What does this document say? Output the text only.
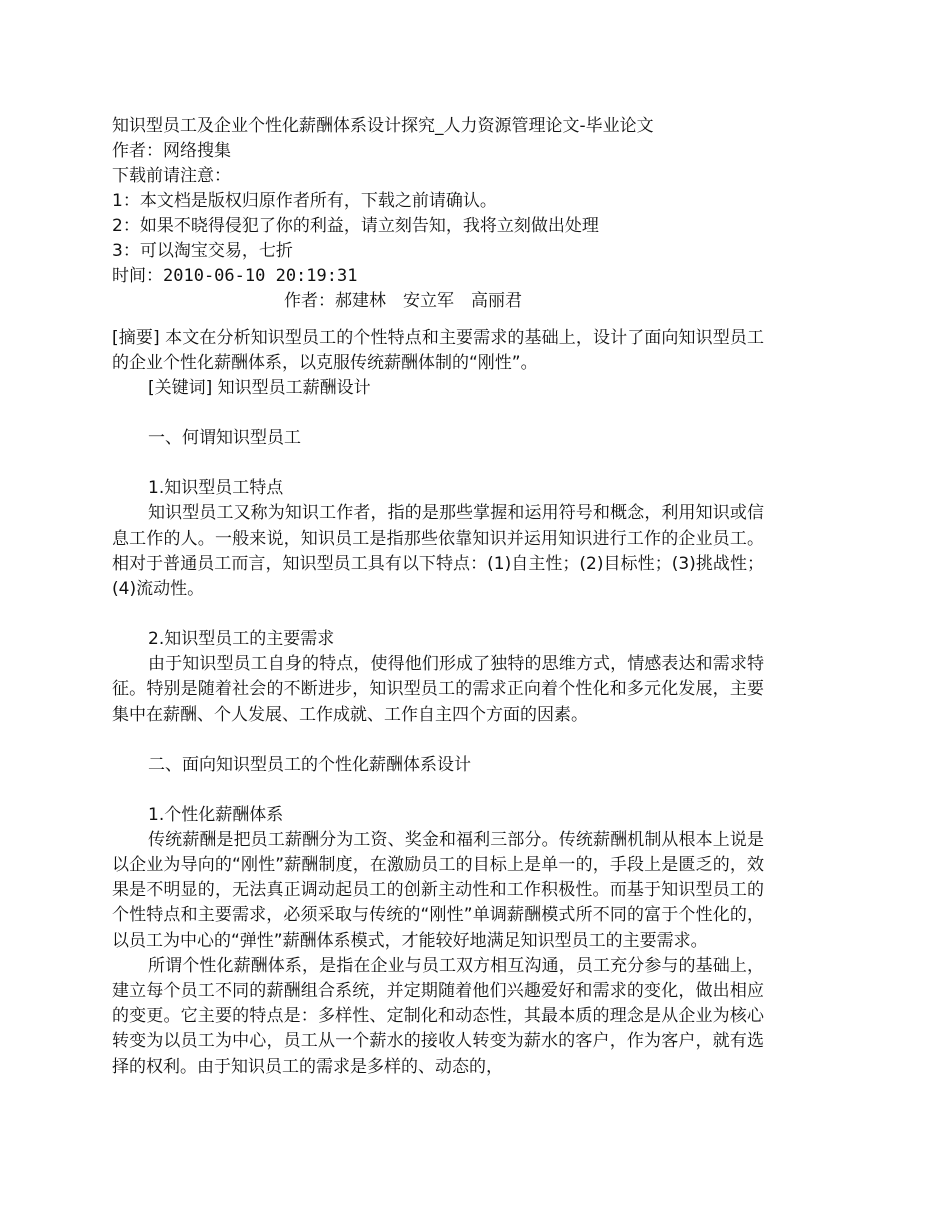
知识型员工及企业个性化薪酬体系设计探究_人力资源管理论文-毕业论文
作者：网络搜集
下载前请注意：
1：本文档是版权归原作者所有，下载之前请确认。
2：如果不晓得侵犯了你的利益，请立刻告知，我将立刻做出处理
3：可以淘宝交易，七折
时间：2010-06-10 20:19:31
作者：郝建林　安立军　高丽君
[摘要] 本文在分析知识型员工的个性特点和主要需求的基础上，设计了面向知识型员工的企业个性化薪酬体系，以克服传统薪酬体制的“刚性”。
[关键词] 知识型员工薪酬设计
一、何谓知识型员工
1.知识型员工特点
知识型员工又称为知识工作者，指的是那些掌握和运用符号和概念，利用知识或信息工作的人。一般来说，知识员工是指那些依靠知识并运用知识进行工作的企业员工。相对于普通员工而言，知识型员工具有以下特点：(1)自主性；(2)目标性；(3)挑战性；(4)流动性。
2.知识型员工的主要需求
由于知识型员工自身的特点，使得他们形成了独特的思维方式，情感表达和需求特征。特别是随着社会的不断进步，知识型员工的需求正向着个性化和多元化发展，主要集中在薪酬、个人发展、工作成就、工作自主四个方面的因素。
二、面向知识型员工的个性化薪酬体系设计
1.个性化薪酬体系
传统薪酬是把员工薪酬分为工资、奖金和福利三部分。传统薪酬机制从根本上说是以企业为导向的“刚性”薪酬制度，在激励员工的目标上是单一的，手段上是匮乏的，效果是不明显的，无法真正调动起员工的创新主动性和工作积极性。而基于知识型员工的个性特点和主要需求，必须采取与传统的“刚性”单调薪酬模式所不同的富于个性化的，以员工为中心的“弹性”薪酬体系模式，才能较好地满足知识型员工的主要需求。
所谓个性化薪酬体系，是指在企业与员工双方相互沟通，员工充分参与的基础上，建立每个员工不同的薪酬组合系统，并定期随着他们兴趣爱好和需求的变化，做出相应的变更。它主要的特点是：多样性、定制化和动态性，其最本质的理念是从企业为核心转变为以员工为中心，员工从一个薪水的接收人转变为薪水的客户，作为客户，就有选择的权利。由于知识员工的需求是多样的、动态的，
